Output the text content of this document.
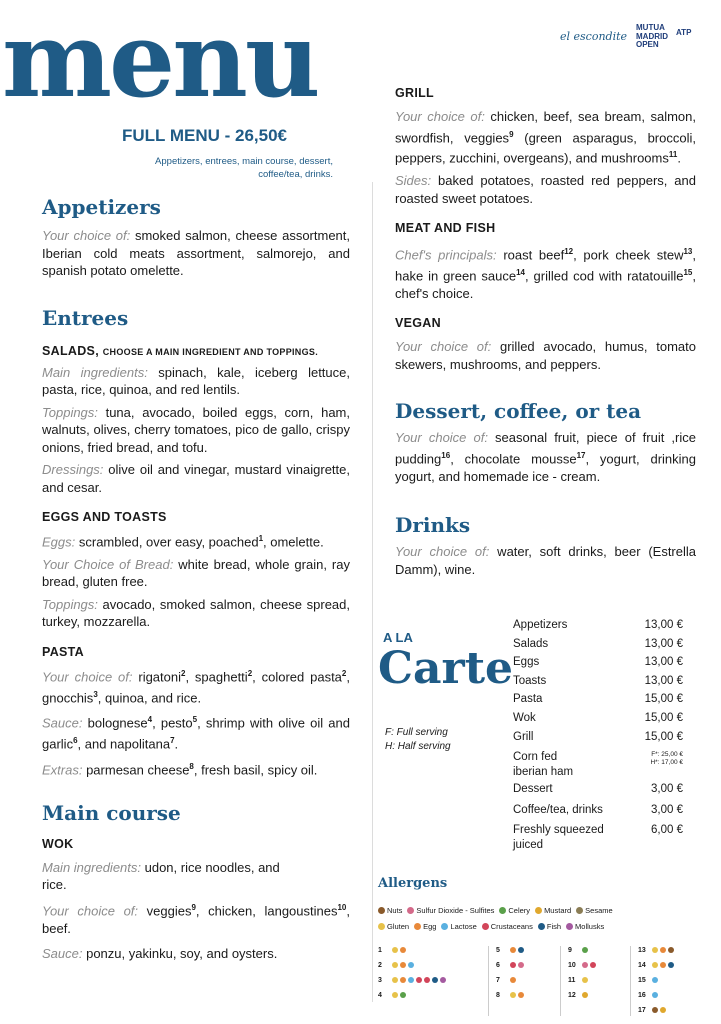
menu
FULL MENU - 26,50€
Appetizers, entrees, main course, dessert, coffee/tea, drinks.
el escondite
MUTUA
MADRID
OPEN
ATP
Appetizers

Your choice of: smoked salmon, cheese assortment, Iberian cold meats assortment, salmorejo, and spanish potato omelette.

Entrees
SALADS, CHOOSE A MAIN INGREDIENT AND TOPPINGS.

Main ingredients: spinach, kale, iceberg lettuce, pasta, rice, quinoa, and red lentils.

Toppings: tuna, avocado, boiled eggs, corn, ham, walnuts, olives, cherry tomatoes, pico de gallo, crispy onions, fried bread, and tofu.

Dressings: olive oil and vinegar, mustard vinaigrette, and cesar.

EGGS AND TOASTS

Eggs: scrambled, over easy, poached$^1$, omelette.

Your Choice of Bread: white bread, whole grain, ray bread, gluten free.

Toppings: avocado, smoked salmon, cheese spread, turkey, mozzarella.

PASTA

Your choice of: rigatoni$^2$, spaghetti$^2$, colored pasta$^2$, gnocchis$^3$, quinoa, and rice.

Sauce: bolognese$^4$, pesto$^5$, shrimp with olive oil and garlic$^6$, and napolitana$^7$.

Extras: parmesan cheese$^8$, fresh basil, spicy oil.

Main course
WOK

Main ingredients: udon, rice noodles, and rice.

Your choice of: veggies$^9$, chicken, langoustines$^{10}$, beef.

Sauce: ponzu, yakinku, soy, and oysters.

GRILL

Your choice of: chicken, beef, sea bream, salmon, swordfish, veggies$^9$ (green asparagus, broccoli, peppers, zucchini, overgeans), and mushrooms$^{11}$.

Sides: baked potatoes, roasted red peppers, and roasted sweet potatoes.

MEAT AND FISH

Chef's principals: roast beef$^{12}$, pork cheek stew$^{13}$, hake in green sauce$^{14}$, grilled cod with ratatouille$^{15}$, chef's choice.

VEGAN

Your choice of: grilled avocado, humus, tomato skewers, mushrooms, and peppers.

Dessert, coffee, or tea

Your choice of: seasonal fruit, piece of fruit ,rice pudding$^{16}$, chocolate mousse$^{17}$, yogurt, drinking yogurt, and homemade ice - cream.

Drinks

Your choice of: water, soft drinks, beer (Estrella Damm), wine.

A LA
Carte
F: Full serving
H: Half serving
Appetizers	13,00 €
Salads	13,00 €
Eggs	13,00 €
Toasts	13,00 €
Pasta	15,00 €
Wok	15,00 €
Grill	15,00 €
Corn fed
iberian ham
F*: 25,00 €
H*: 17,00 €
Dessert	3,00 €
Coffee/tea, drinks	3,00 €
Freshly squeezed
juiced
6,00 €
Allergens
Nuts Sulfur Dioxide - Sulfites Celery Mustard Sesame
Gluten Egg Lactose Crustaceans Fish Mollusks
1
2
3
4
5
6
7
8
9
10
11
12
13
14
15
16
17
